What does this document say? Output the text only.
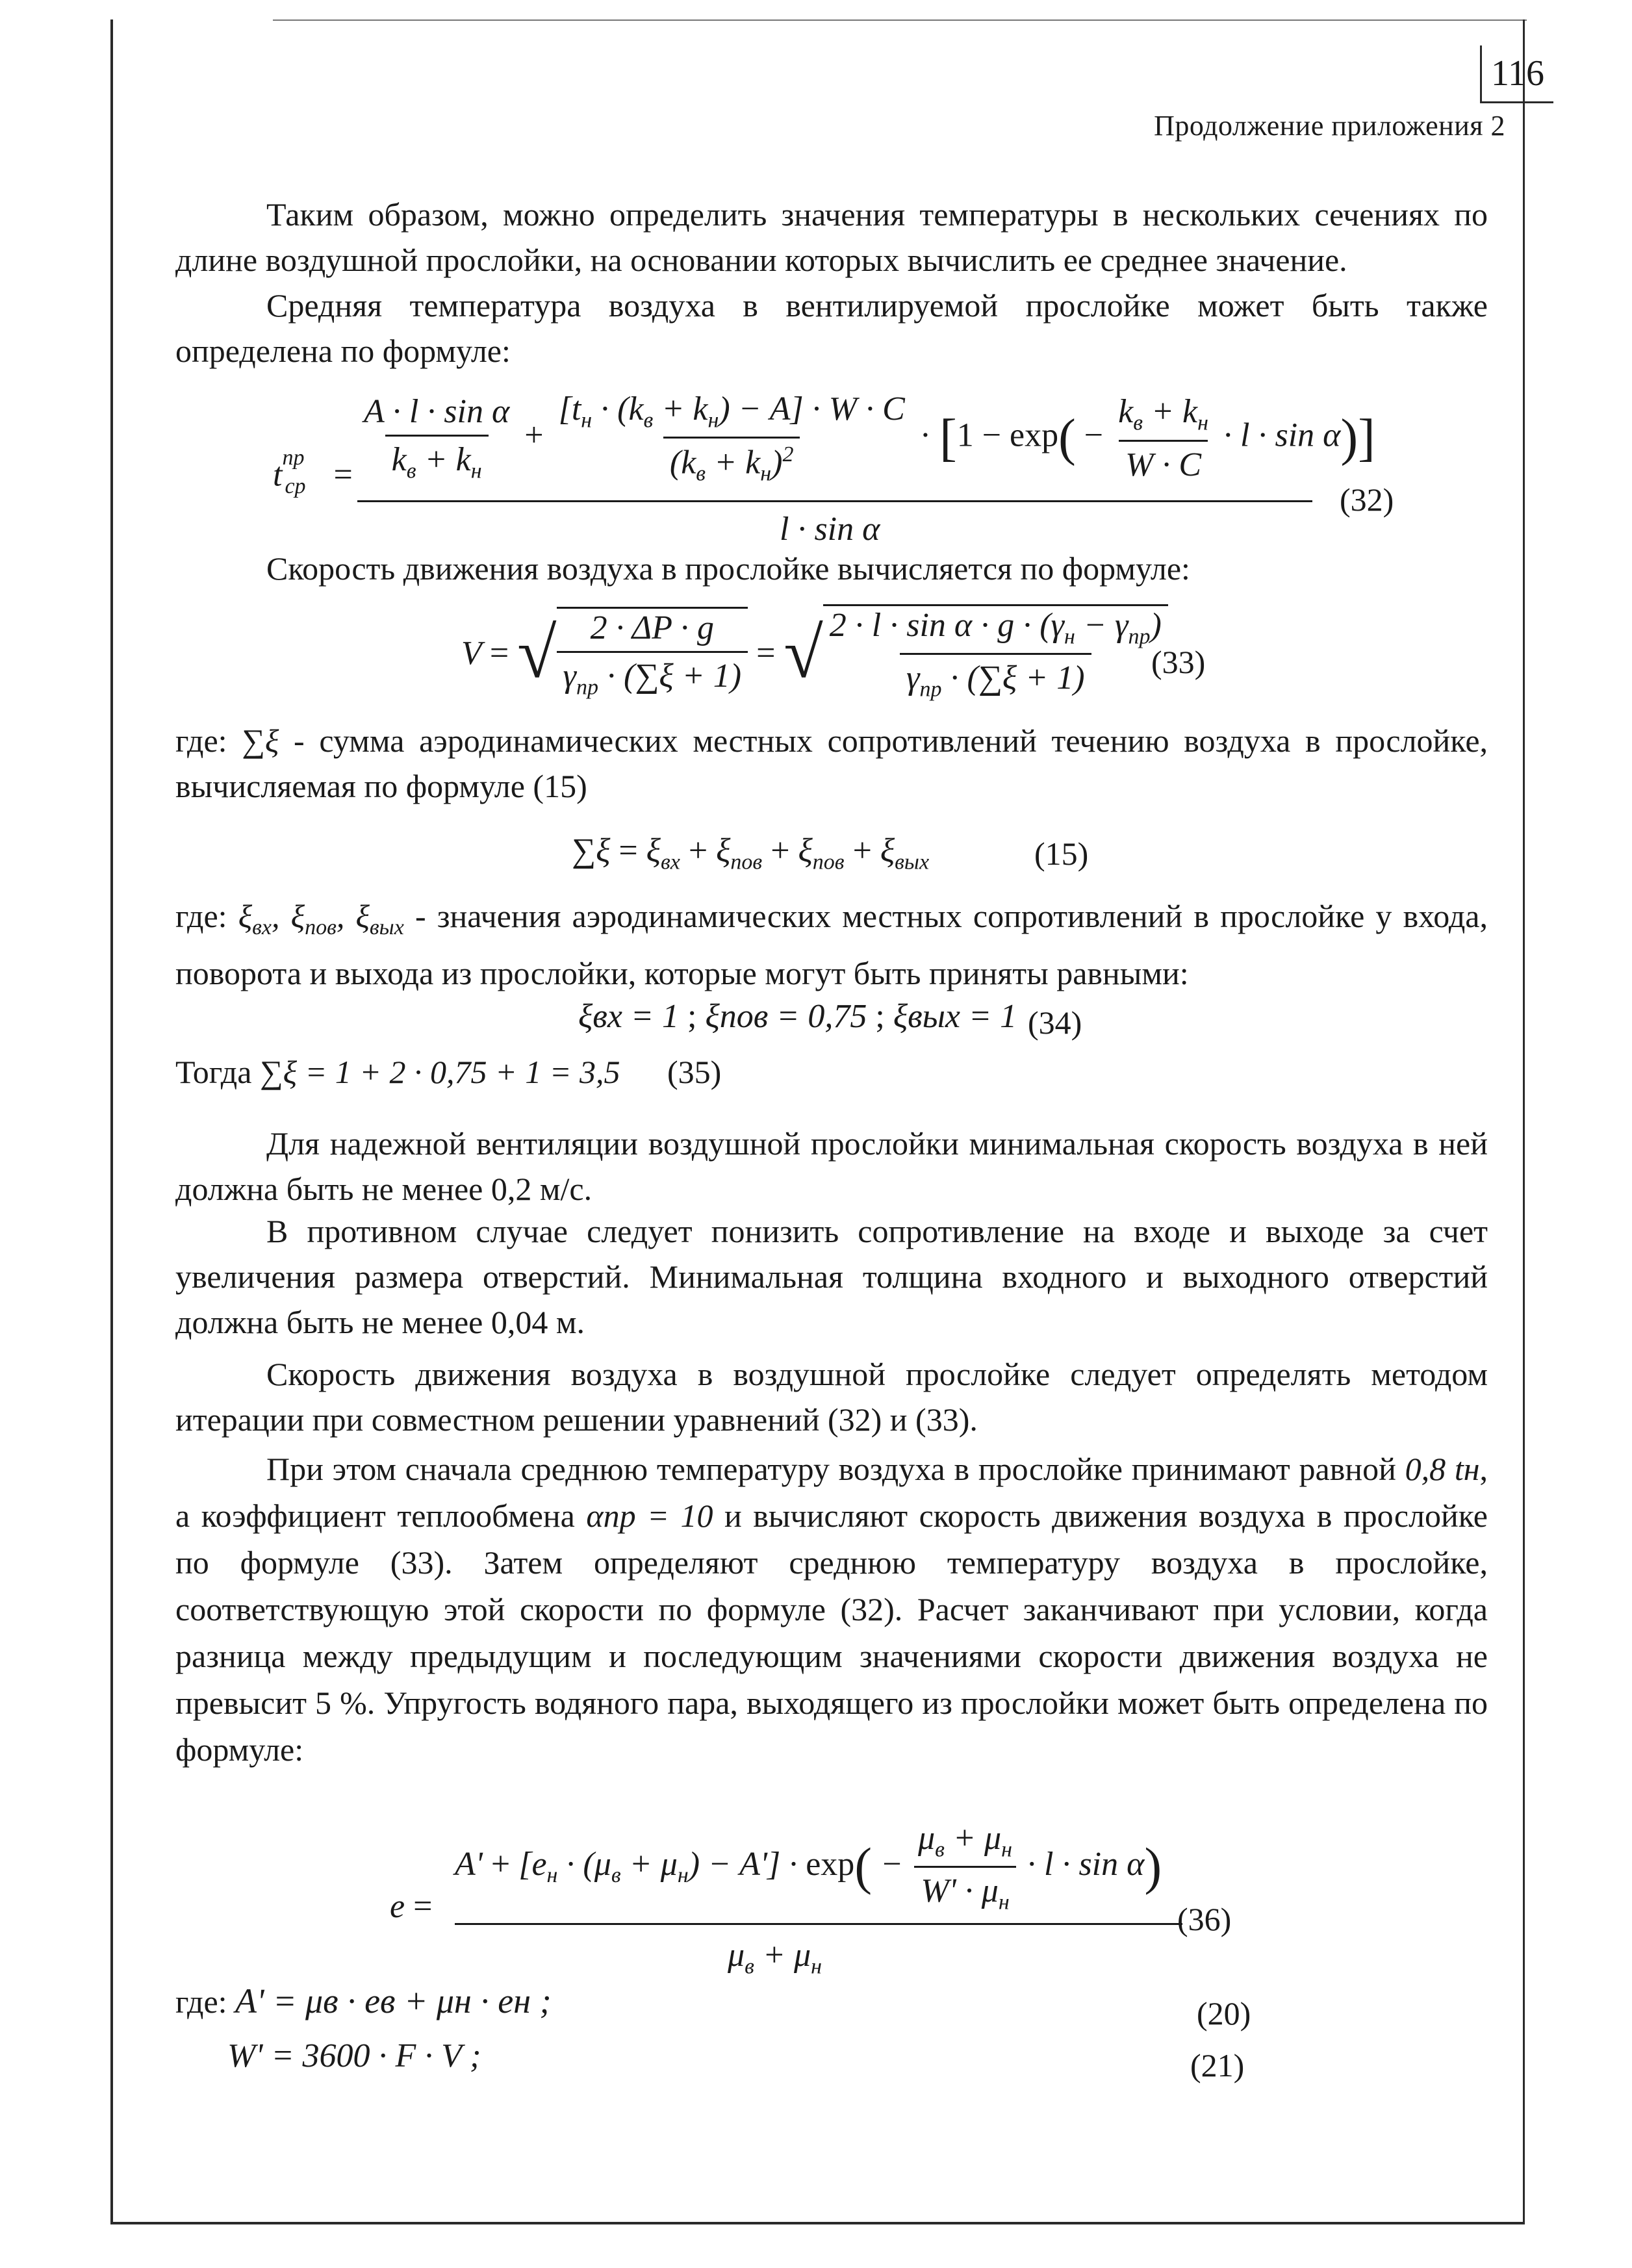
116
Продолжение приложения 2
Таким образом, можно определить значения температуры в нескольких сечениях по длине воздушной прослойки, на основании которых вычислить ее среднее значение.
Средняя температура воздуха в вентилируемой прослойке может быть также определена по формуле:
$t^{пр}_{ср} = \frac{\text{A · l · sin α}}{k_в + k_н} + \frac{[t_н \cdot (k_в + k_н) - A] \cdot W \cdot C}{(k_в + k_н)^2} \cdot [1 - \exp( - \frac{k_в + k_н}{W \cdot C} \cdot l \cdot \sin \alpha)]$
l · sin α
(32)
Скорость движения воздуха в прослойке вычисляется по формуле:
V = √ $\frac{2 \cdot \Delta P \cdot g}{\gamma_{пр} \cdot (\sum\xi + 1)}$ = √ $\frac{2 \cdot l \cdot \sin \alpha \cdot g \cdot (\gamma_н - \gamma_{пр})}{\gamma_{пр} \cdot (\sum\xi + 1)}$
(33)
где: ∑ξ - сумма аэродинамических местных сопротивлений течению воздуха в прослойке, вычисляемая по формуле (15)
$\sum\xi = \xi_{вх} + \xi_{пов} + \xi_{пов} + \xi_{вых}$	(15)
где: $\xi_{вх}$, $\xi_{пов}$, $\xi_{вых}$ - значения аэродинамических местных сопротивлений в прослойке у входа, поворота и выхода из прослойки, которые могут быть приняты равными:
ξвх = 1 ; ξпов = 0,75 ; ξвых = 1 (34)
Тогда ∑ξ = 1 + 2 · 0,75 + 1 = 3,5 (35)
Для надежной вентиляции воздушной прослойки минимальная скорость воздуха в ней должна быть не менее 0,2 м/с.
В противном случае следует понизить сопротивление на входе и выходе за счет увеличения размера отверстий. Минимальная толщина входного и выходного отверстий должна быть не менее 0,04 м.
Скорость движения воздуха в воздушной прослойке следует определять методом итерации при совместном решении уравнений (32) и (33).
При этом сначала среднюю температуру воздуха в прослойке принимают равной 0,8 tн, а коэффициент теплообмена αпр = 10 и вычисляют скорость движения воздуха в прослойке по формуле (33). Затем определяют среднюю температуру воздуха в прослойке, соответствующую этой скорости по формуле (32). Расчет заканчивают при условии, когда разница между предыдущим и последующим значениями скорости движения воздуха не превысит 5 %. Упругость водяного пара, выходящего из прослойки может быть определена по формуле:
e =
$A' + [e_н \cdot (\mu_в + \mu_н) - A'] \cdot \exp( - \frac{\mu_в + \mu_н}{W' \cdot \mu_н} \cdot l \cdot \sin \alpha)$
$\mu_в + \mu_н$
(36)
где: A' = μв · eв + μн · eн ;	(20)
W' = 3600 · F · V ;	(21)
